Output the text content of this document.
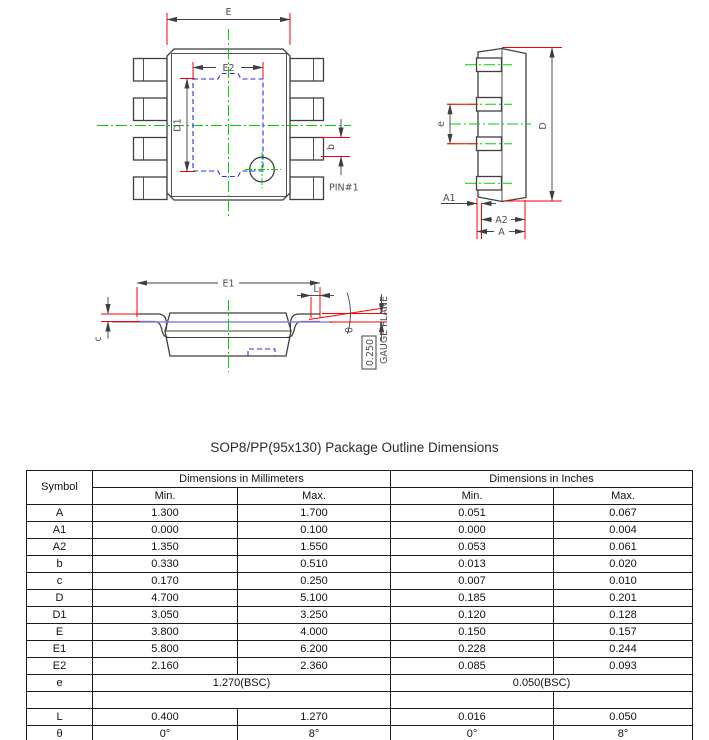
E
E2
D1
b
PIN#1
e	D
A1
A2
A
E1
c
L
θ
0.250 GAUGE PLANE
SOP8/PP(95x130) Package Outline Dimensions
Symbol	Dimensions in Millimeters		Dimensions in Inches	
	Min.	Max.	Min.	Max.
A	1.300	1.700	0.051	0.067
A1	0.000	0.100	0.000	0.004
A2	1.350	1.550	0.053	0.061
b	0.330	0.510	0.013	0.020
c	0.170	0.250	0.007	0.010
D	4.700	5.100	0.185	0.201
D1	3.050	3.250	0.120	0.128
E	3.800	4.000	0.150	0.157
E1	5.800	6.200	0.228	0.244
E2	2.160	2.360	0.085	0.093
e	1.270(BSC)		0.050(BSC)	

L	0.400	1.270	0.016	0.050
θ	0°	8°	0°	8°
